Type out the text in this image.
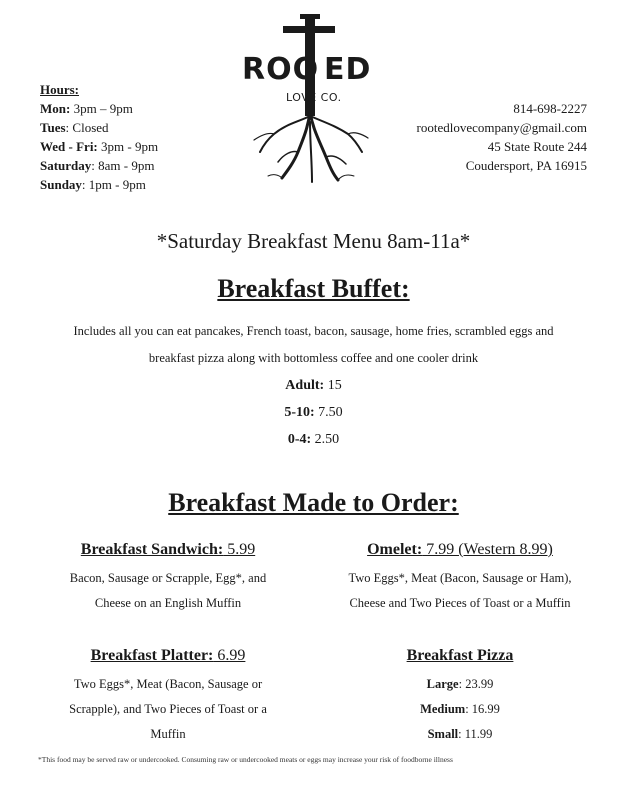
ROO ED
LOVE CO.
Hours:
Mon: 3pm – 9pm
Tues: Closed
Wed - Fri: 3pm - 9pm
Saturday: 8am - 9pm
Sunday: 1pm - 9pm
814-698-2227
rootedlovecompany@gmail.com
45 State Route 244
Coudersport, PA 16915
*Saturday Breakfast Menu 8am-11a*
Breakfast Buffet:
Includes all you can eat pancakes, French toast, bacon, sausage, home fries, scrambled eggs and
breakfast pizza along with bottomless coffee and one cooler drink
Adult: 15
5-10: 7.50
0-4: 2.50
Breakfast Made to Order:
Breakfast Sandwich: 5.99
Bacon, Sausage or Scrapple, Egg*, and
Cheese on an English Muffin
Omelet: 7.99 (Western 8.99)
Two Eggs*, Meat (Bacon, Sausage or Ham),
Cheese and Two Pieces of Toast or a Muffin
Breakfast Platter: 6.99
Two Eggs*, Meat (Bacon, Sausage or
Scrapple), and Two Pieces of Toast or a
Muffin
Breakfast Pizza
Large: 23.99
Medium: 16.99
Small: 11.99
*This food may be served raw or undercooked. Consuming raw or undercooked meats or eggs may increase your risk of foodborne illness
